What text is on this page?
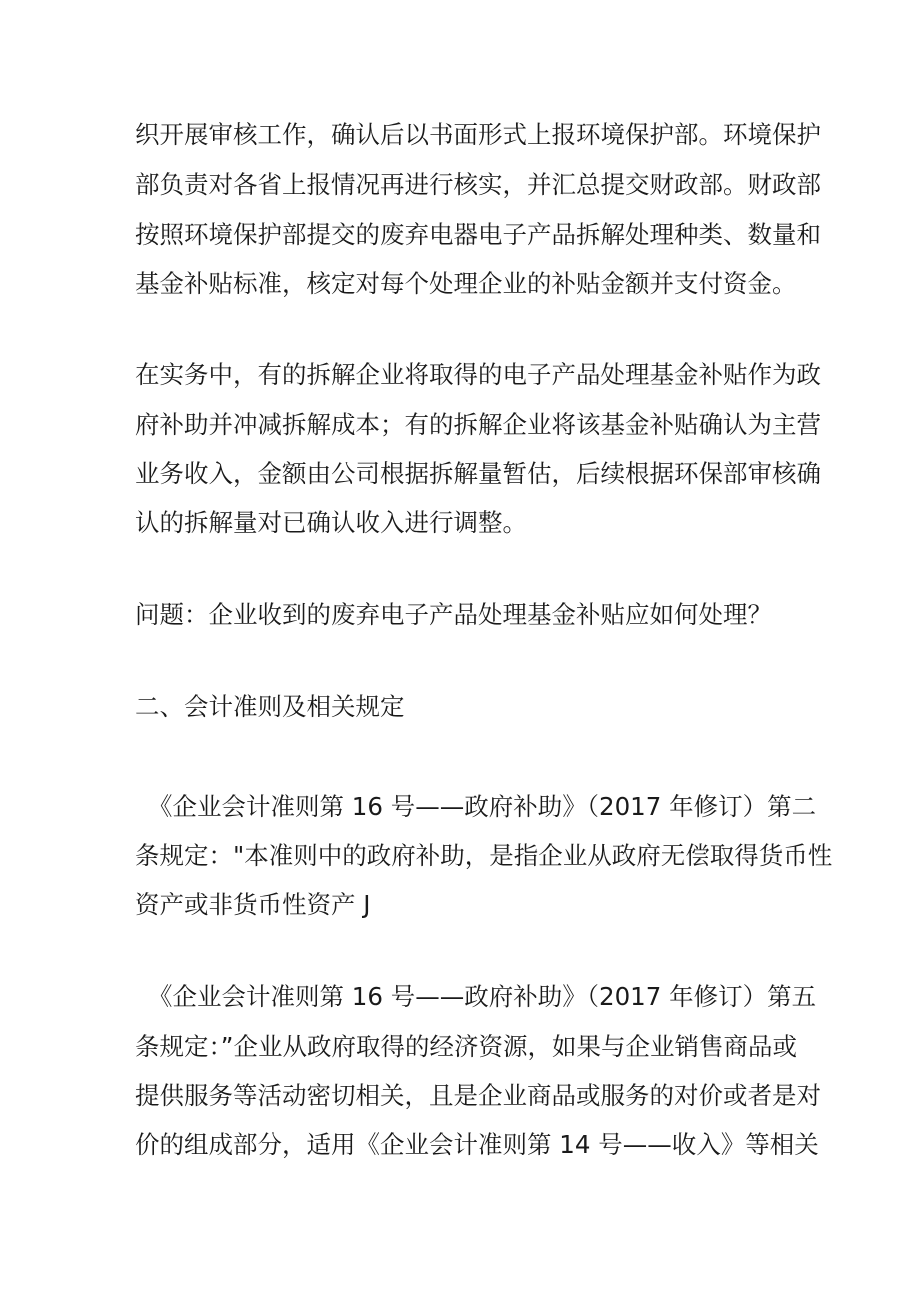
织开展审核工作，确认后以书面形式上报环境保护部。环境保护
部负责对各省上报情况再进行核实，并汇总提交财政部。财政部
按照环境保护部提交的废弃电器电子产品拆解处理种类、数量和
基金补贴标准，核定对每个处理企业的补贴金额并支付资金。
在实务中，有的拆解企业将取得的电子产品处理基金补贴作为政
府补助并冲减拆解成本；有的拆解企业将该基金补贴确认为主营
业务收入，金额由公司根据拆解量暂估，后续根据环保部审核确
认的拆解量对已确认收入进行调整。
问题：企业收到的废弃电子产品处理基金补贴应如何处理？
二、会计准则及相关规定
《企业会计准则第 16 号——政府补助》（2017 年修订）第二
条规定："本准则中的政府补助，是指企业从政府无偿取得货币性
资产或非货币性资产 J
《企业会计准则第 16 号——政府补助》（2017 年修订）第五
条规定：”企业从政府取得的经济资源，如果与企业销售商品或
提供服务等活动密切相关，且是企业商品或服务的对价或者是对
价的组成部分，适用《企业会计准则第 14 号——收入》等相关
